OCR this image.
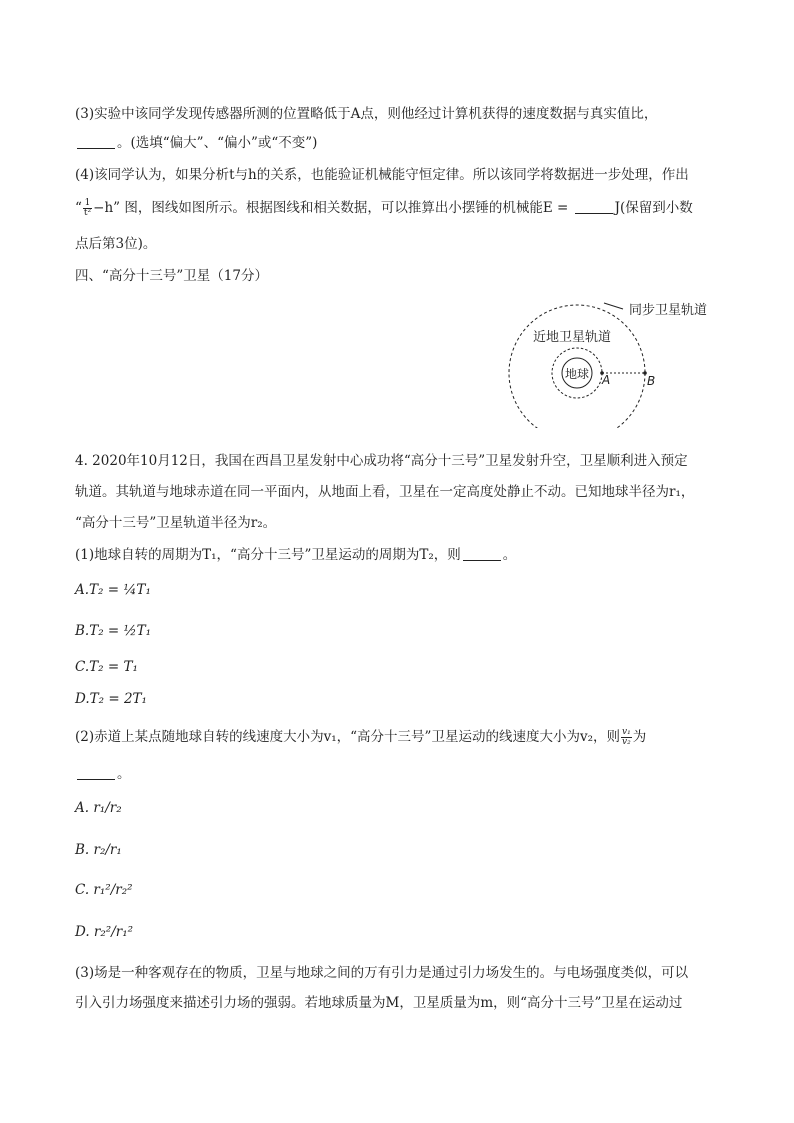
(3)实验中该同学发现传感器所测的位置略低于A点，则他经过计算机获得的速度数据与真实值比，
。(选填“偏大”、“偏小”或“不变”)
(4)该同学认为，如果分析t与h的关系，也能验证机械能守恒定律。所以该同学将数据进一步处理，作出
“ $\frac{1}{\text{t²}} -h$” 图，图线如图所示。根据图线和相关数据，可以推算出小摆锤的机械能E =	J(保留到小数
点后第3位)。
四、“高分十三号”卫星（17分）
地球 A	B
近地卫星轨道
同步卫星轨道
4. 2020年10月12日，我国在西昌卫星发射中心成功将“高分十三号”卫星发射升空，卫星顺利进入预定
轨道。其轨道与地球赤道在同一平面内，从地面上看，卫星在一定高度处静止不动。已知地球半径为r₁，
“高分十三号”卫星轨道半径为r₂。
(1)地球自转的周期为T₁，“高分十三号”卫星运动的周期为T₂，则	。
A.T₂ = ¼T₁
B.T₂ = ½T₁
C.T₂ = T₁
D.T₂ = 2T₁
(2)赤道上某点随地球自转的线速度大小为v₁，“高分十三号”卫星运动的线速度大小为v₂，则 $\frac{\text{v₁}}{\text{v₂}}$ 为
。
A. r₁/r₂
B. r₂/r₁
C. r₁²/r₂²
D. r₂²/r₁²
(3)场是一种客观存在的物质，卫星与地球之间的万有引力是通过引力场发生的。与电场强度类似，可以
引入引力场强度来描述引力场的强弱。若地球质量为M，卫星质量为m，则“高分十三号”卫星在运动过
